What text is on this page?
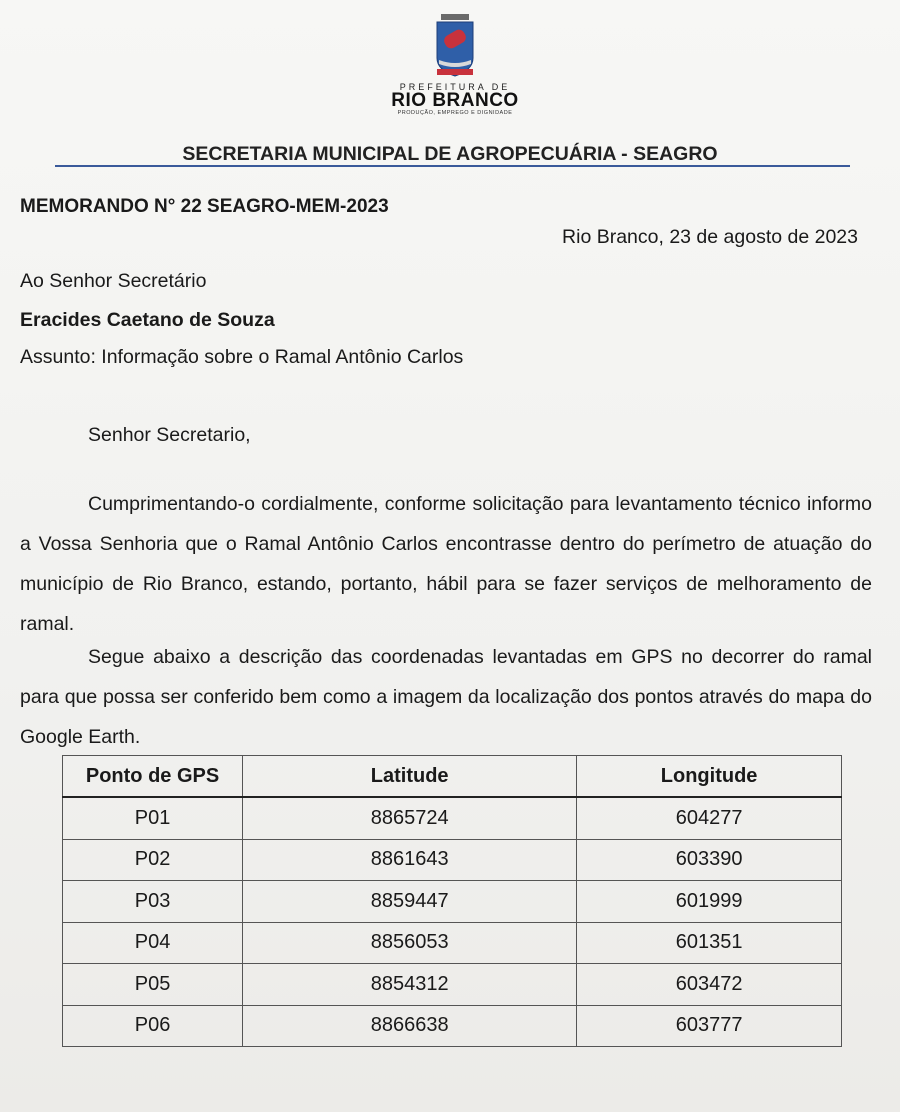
PREFEITURA DE
RIO BRANCO
PRODUÇÃO, EMPREGO E DIGNIDADE
SECRETARIA MUNICIPAL DE AGROPECUÁRIA - SEAGRO
MEMORANDO N° 22 SEAGRO-MEM-2023
Rio Branco, 23 de agosto de 2023
Ao Senhor Secretário
Eracides Caetano de Souza
Assunto: Informação sobre o Ramal Antônio Carlos
Senhor Secretario,
Cumprimentando-o cordialmente, conforme solicitação para levantamento técnico informo a Vossa Senhoria que o Ramal Antônio Carlos encontrasse dentro do perímetro de atuação do município de Rio Branco, estando, portanto, hábil para se fazer serviços de melhoramento de ramal.
Segue abaixo a descrição das coordenadas levantadas em GPS no decorrer do ramal para que possa ser conferido bem como a imagem da localização dos pontos através do mapa do Google Earth.
Ponto de GPS	Latitude	Longitude
P01	8865724	604277
P02	8861643	603390
P03	8859447	601999
P04	8856053	601351
P05	8854312	603472
P06	8866638	603777
